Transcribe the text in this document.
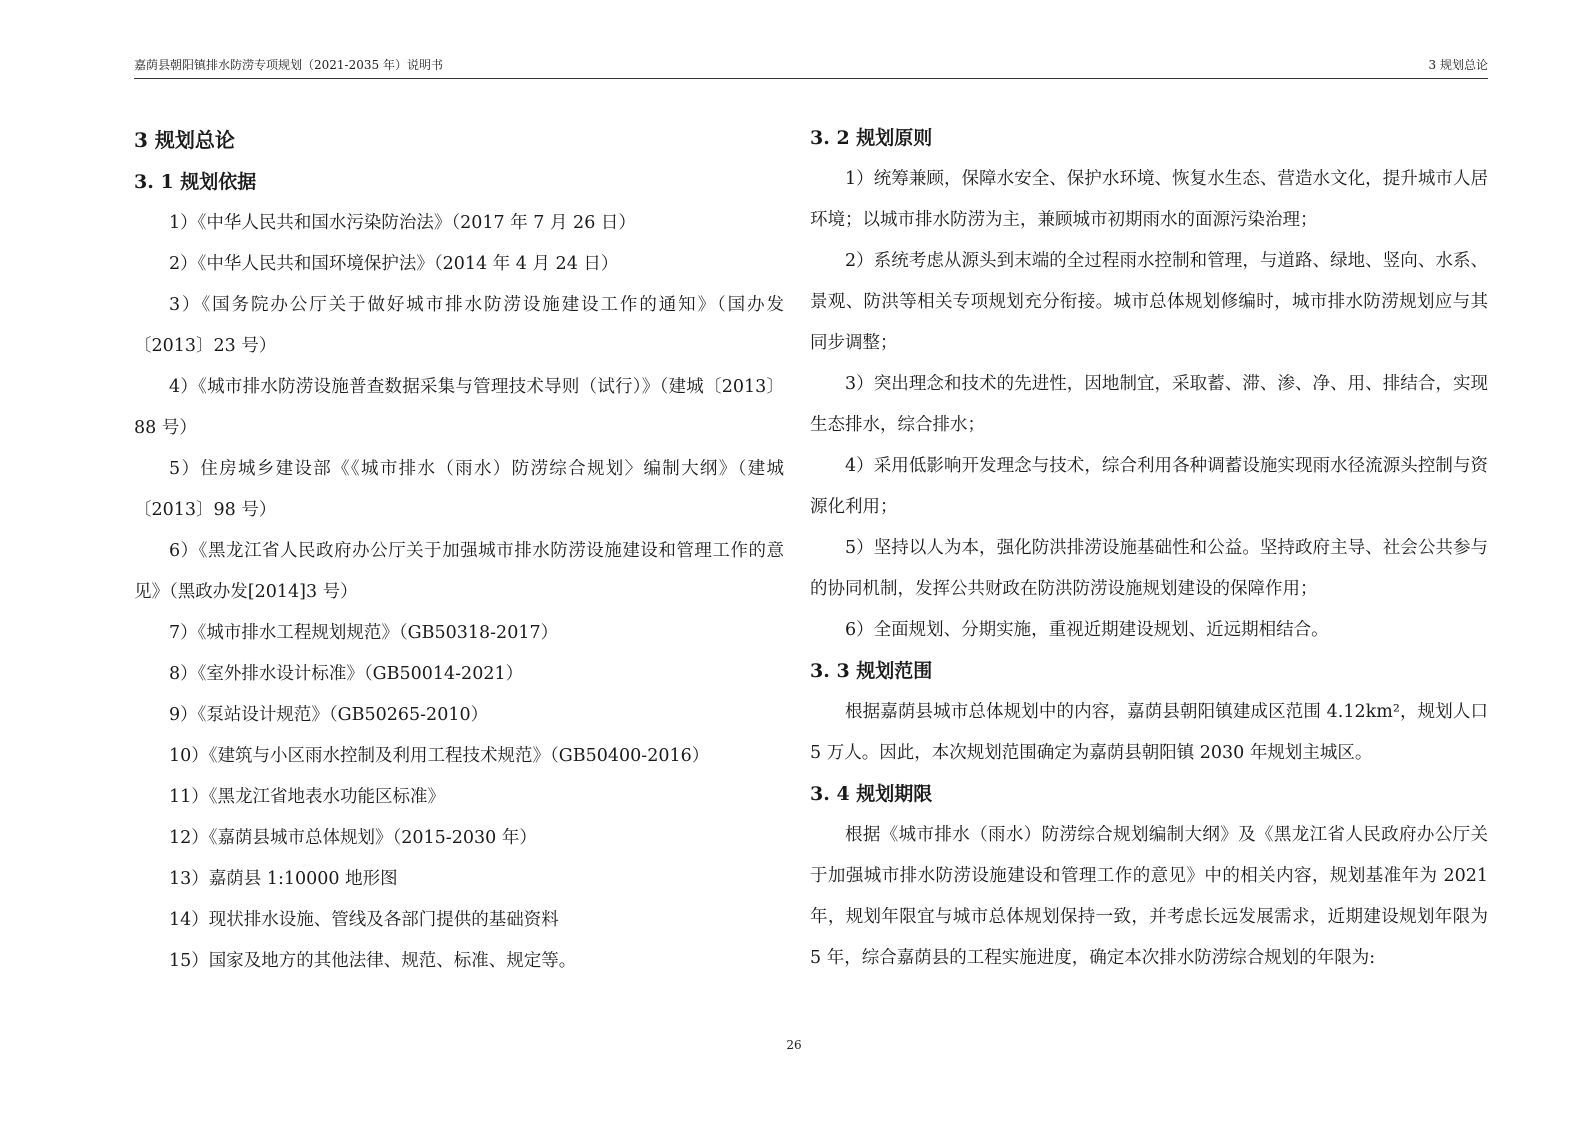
嘉荫县朝阳镇排水防涝专项规划（2021-2035 年）说明书	3 规划总论

3 规划总论

3. 1 规划依据

1）《中华人民共和国水污染防治法》（2017 年 7 月 26 日）

2）《中华人民共和国环境保护法》（2014 年 4 月 24 日）

3）《国务院办公厅关于做好城市排水防涝设施建设工作的通知》（国办发〔2013〕23 号）

4）《城市排水防涝设施普查数据采集与管理技术导则（试行）》（建城〔2013〕88 号）

5）住房城乡建设部《《城市排水（雨水）防涝综合规划〉编制大纲》（建城〔2013〕98 号）

6）《黑龙江省人民政府办公厅关于加强城市排水防涝设施建设和管理工作的意见》（黑政办发[2014]3 号）

7）《城市排水工程规划规范》（GB50318-2017）

8）《室外排水设计标准》（GB50014-2021）

9）《泵站设计规范》（GB50265-2010）

10）《建筑与小区雨水控制及利用工程技术规范》（GB50400-2016）

11）《黑龙江省地表水功能区标准》

12）《嘉荫县城市总体规划》（2015-2030 年）

13）嘉荫县 1:10000 地形图

14）现状排水设施、管线及各部门提供的基础资料

15）国家及地方的其他法律、规范、标准、规定等。

3. 2 规划原则

1）统筹兼顾，保障水安全、保护水环境、恢复水生态、营造水文化，提升城市人居环境；以城市排水防涝为主，兼顾城市初期雨水的面源污染治理；

2）系统考虑从源头到末端的全过程雨水控制和管理，与道路、绿地、竖向、水系、景观、防洪等相关专项规划充分衔接。城市总体规划修编时，城市排水防涝规划应与其同步调整；

3）突出理念和技术的先进性，因地制宜，采取蓄、滞、渗、净、用、排结合，实现生态排水，综合排水；

4）采用低影响开发理念与技术，综合利用各种调蓄设施实现雨水径流源头控制与资源化利用；

5）坚持以人为本，强化防洪排涝设施基础性和公益。坚持政府主导、社会公共参与的协同机制，发挥公共财政在防洪防涝设施规划建设的保障作用；

6）全面规划、分期实施，重视近期建设规划、近远期相结合。

3. 3 规划范围

根据嘉荫县城市总体规划中的内容，嘉荫县朝阳镇建成区范围 4.12km²，规划人口 5 万人。因此，本次规划范围确定为嘉荫县朝阳镇 2030 年规划主城区。

3. 4 规划期限

根据《城市排水（雨水）防涝综合规划编制大纲》及《黑龙江省人民政府办公厅关于加强城市排水防涝设施建设和管理工作的意见》中的相关内容，规划基准年为 2021 年，规划年限宜与城市总体规划保持一致，并考虑长远发展需求，近期建设规划年限为 5 年，综合嘉荫县的工程实施进度，确定本次排水防涝综合规划的年限为:

26
